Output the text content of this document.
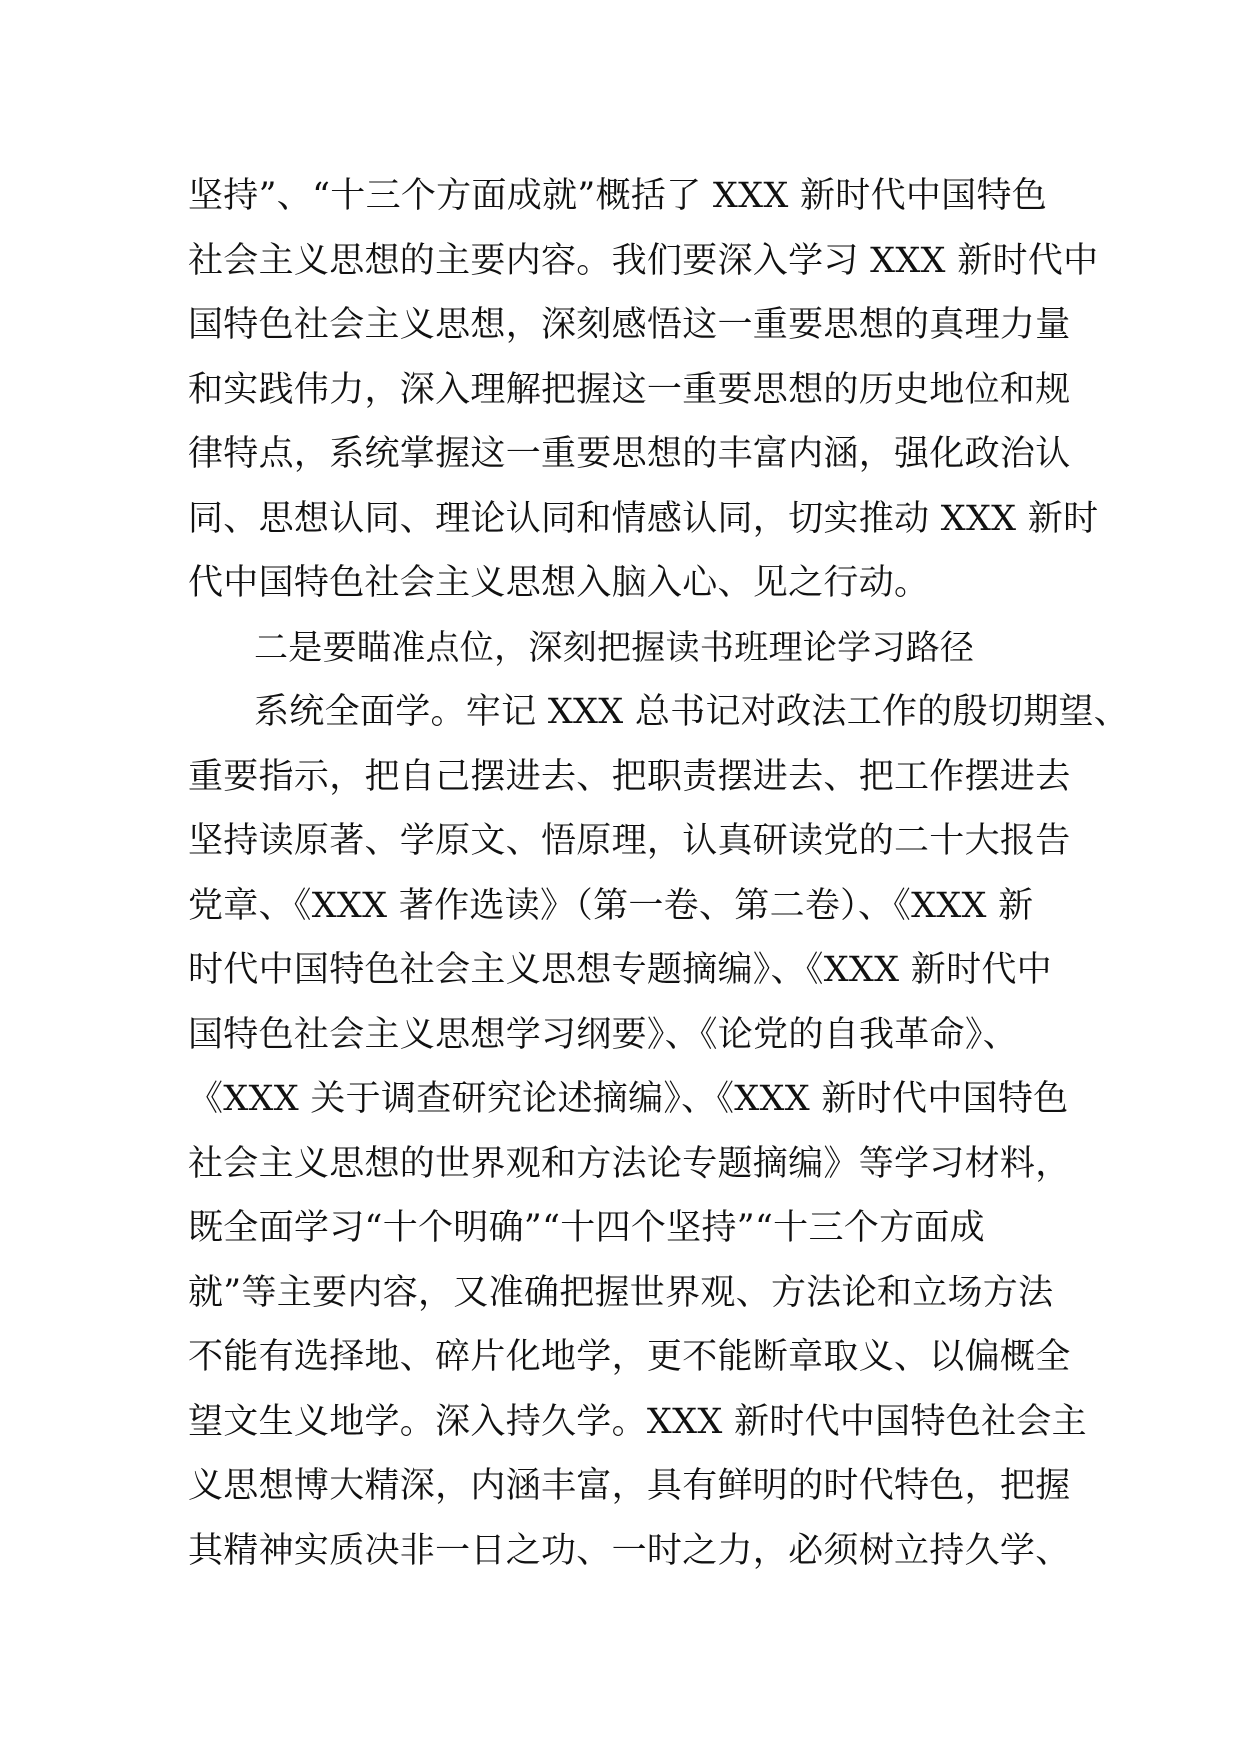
坚持”、“十三个方面成就”概括了 XXX 新时代中国特色
社会主义思想的主要内容。我们要深入学习 XXX 新时代中
国特色社会主义思想，深刻感悟这一重要思想的真理力量
和实践伟力，深入理解把握这一重要思想的历史地位和规
律特点，系统掌握这一重要思想的丰富内涵，强化政治认
同、思想认同、理论认同和情感认同，切实推动 XXX 新时
代中国特色社会主义思想入脑入心、见之行动。
二是要瞄准点位，深刻把握读书班理论学习路径
系统全面学。牢记 XXX 总书记对政法工作的殷切期望、
重要指示，把自己摆进去、把职责摆进去、把工作摆进去
坚持读原著、学原文、悟原理，认真研读党的二十大报告
党章、《XXX 著作选读》（第一卷、第二卷）、《XXX 新
时代中国特色社会主义思想专题摘编》、《XXX 新时代中
国特色社会主义思想学习纲要》、《论党的自我革命》、
《XXX 关于调查研究论述摘编》、《XXX 新时代中国特色
社会主义思想的世界观和方法论专题摘编》等学习材料，
既全面学习“十个明确”“十四个坚持”“十三个方面成
就”等主要内容，又准确把握世界观、方法论和立场方法
不能有选择地、碎片化地学，更不能断章取义、以偏概全
望文生义地学。深入持久学。XXX 新时代中国特色社会主
义思想博大精深，内涵丰富，具有鲜明的时代特色，把握
其精神实质决非一日之功、一时之力，必须树立持久学、
